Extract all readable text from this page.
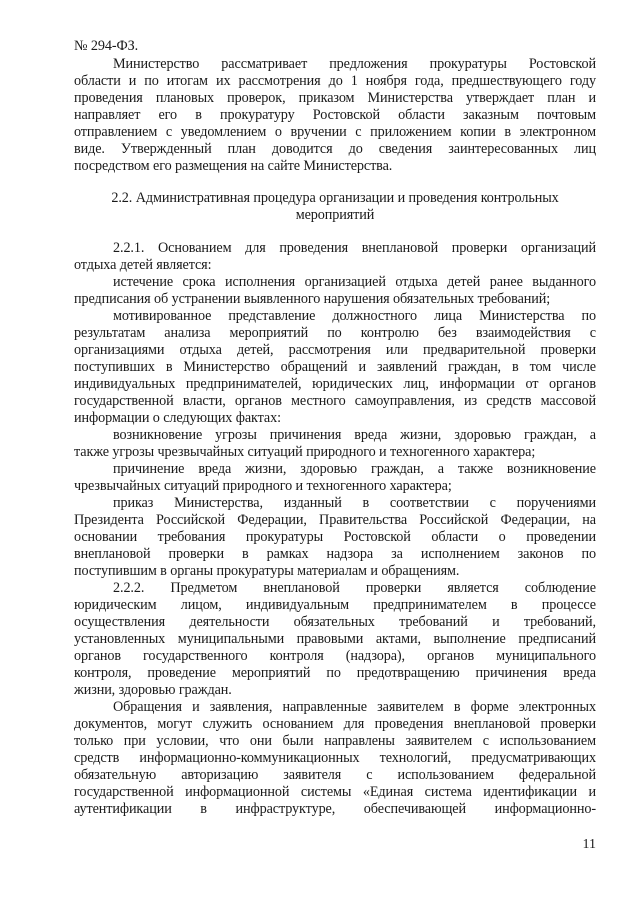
№ 294-ФЗ.
Министерство рассматривает предложения прокуратуры Ростовской
области и по итогам их рассмотрения до 1 ноября года, предшествующего году
проведения плановых проверок, приказом Министерства утверждает план и
направляет его в прокуратуру Ростовской области заказным почтовым
отправлением с уведомлением о вручении с приложением копии в электронном
виде. Утвержденный план доводится до сведения заинтересованных лиц
посредством его размещения на сайте Министерства.
2.2. Административная процедура организации и проведения контрольных
мероприятий
2.2.1. Основанием для проведения внеплановой проверки организаций
отдыха детей является:
истечение срока исполнения организацией отдыха детей ранее выданного
предписания об устранении выявленного нарушения обязательных требований;
мотивированное представление должностного лица Министерства по
результатам анализа мероприятий по контролю без взаимодействия с
организациями отдыха детей, рассмотрения или предварительной проверки
поступивших в Министерство обращений и заявлений граждан, в том числе
индивидуальных предпринимателей, юридических лиц, информации от органов
государственной власти, органов местного самоуправления, из средств массовой
информации о следующих фактах:
возникновение угрозы причинения вреда жизни, здоровью граждан, а
также угрозы чрезвычайных ситуаций природного и техногенного характера;
причинение вреда жизни, здоровью граждан, а также возникновение
чрезвычайных ситуаций природного и техногенного характера;
приказ Министерства, изданный в соответствии с поручениями
Президента Российской Федерации, Правительства Российской Федерации, на
основании требования прокуратуры Ростовской области о проведении
внеплановой проверки в рамках надзора за исполнением законов по
поступившим в органы прокуратуры материалам и обращениям.
2.2.2. Предметом внеплановой проверки является соблюдение
юридическим лицом, индивидуальным предпринимателем в процессе
осуществления деятельности обязательных требований и требований,
установленных муниципальными правовыми актами, выполнение предписаний
органов государственного контроля (надзора), органов муниципального
контроля, проведение мероприятий по предотвращению причинения вреда
жизни, здоровью граждан.
Обращения и заявления, направленные заявителем в форме электронных
документов, могут служить основанием для проведения внеплановой проверки
только при условии, что они были направлены заявителем с использованием
средств информационно-коммуникационных технологий, предусматривающих
обязательную авторизацию заявителя с использованием федеральной
государственной информационной системы «Единая система идентификации и
аутентификации в инфраструктуре, обеспечивающей информационно-
11
